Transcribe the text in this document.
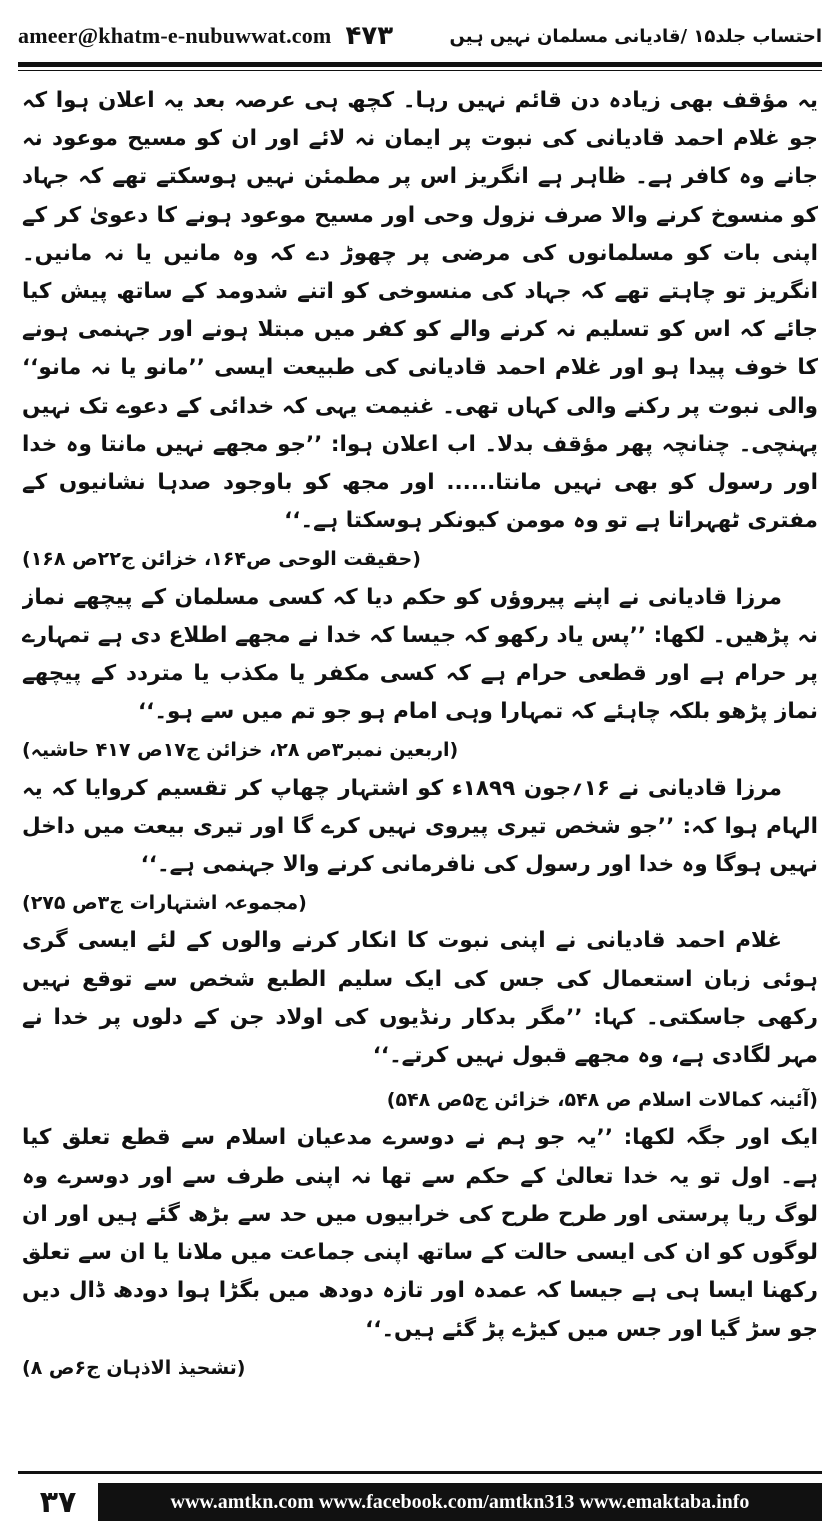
ameer@khatm-e-nubuwwat.com ۴۷۳	احتساب جلد۱۵ /قادیانی مسلمان نہیں ہیں

یہ مؤقف بھی زیادہ دن قائم نہیں رہا۔ کچھ ہی عرصہ بعد یہ اعلان ہوا کہ جو غلام احمد قادیانی کی نبوت پر ایمان نہ لائے اور ان کو مسیح موعود نہ جانے وہ کافر ہے۔ ظاہر ہے انگریز اس پر مطمئن نہیں ہوسکتے تھے کہ جہاد کو منسوخ کرنے والا صرف نزول وحی اور مسیح موعود ہونے کا دعویٰ کر کے اپنی بات کو مسلمانوں کی مرضی پر چھوڑ دے کہ وہ مانیں یا نہ مانیں۔ انگریز تو چاہتے تھے کہ جہاد کی منسوخی کو اتنے شدومد کے ساتھ پیش کیا جائے کہ اس کو تسلیم نہ کرنے والے کو کفر میں مبتلا ہونے اور جہنمی ہونے کا خوف پیدا ہو اور غلام احمد قادیانی کی طبیعت ایسی ’’مانو یا نہ مانو‘‘ والی نبوت پر رکنے والی کہاں تھی۔ غنیمت یہی کہ خدائی کے دعوے تک نہیں پہنچی۔ چنانچہ پھر مؤقف بدلا۔ اب اعلان ہوا: ’’جو مجھے نہیں مانتا وہ خدا اور رسول کو بھی نہیں مانتا...... اور مجھ کو باوجود صدہا نشانیوں کے مفتری ٹھہراتا ہے تو وہ مومن کیونکر ہوسکتا ہے۔‘‘

(حقیقت الوحی ص۱۶۴، خزائن ج۲۲ص ۱۶۸)

مرزا قادیانی نے اپنے پیروؤں کو حکم دیا کہ کسی مسلمان کے پیچھے نماز نہ پڑھیں۔ لکھا: ’’پس یاد رکھو کہ جیسا کہ خدا نے مجھے اطلاع دی ہے تمہارے پر حرام ہے اور قطعی حرام ہے کہ کسی مکفر یا مکذب یا متردد کے پیچھے نماز پڑھو بلکہ چاہئے کہ تمہارا وہی امام ہو جو تم میں سے ہو۔‘‘

(اربعین نمبر۳ص ۲۸، خزائن ج۱۷ص ۴۱۷ حاشیہ)

مرزا قادیانی نے ۱۶؍جون ۱۸۹۹ء کو اشتہار چھاپ کر تقسیم کروایا کہ یہ الہام ہوا کہ: ’’جو شخص تیری پیروی نہیں کرے گا اور تیری بیعت میں داخل نہیں ہوگا وہ خدا اور رسول کی نافرمانی کرنے والا جہنمی ہے۔‘‘

(مجموعہ اشتہارات ج۳ص ۲۷۵)

غلام احمد قادیانی نے اپنی نبوت کا انکار کرنے والوں کے لئے ایسی گری ہوئی زبان استعمال کی جس کی ایک سلیم الطبع شخص سے توقع نہیں رکھی جاسکتی۔ کہا: ’’مگر بدکار رنڈیوں کی اولاد جن کے دلوں پر خدا نے مہر لگادی ہے، وہ مجھے قبول نہیں کرتے۔‘‘

(آئینہ کمالات اسلام ص ۵۴۸، خزائن ج۵ص ۵۴۸)

ایک اور جگہ لکھا: ’’یہ جو ہم نے دوسرے مدعیان اسلام سے قطع تعلق کیا ہے۔ اول تو یہ خدا تعالیٰ کے حکم سے تھا نہ اپنی طرف سے اور دوسرے وہ لوگ ریا پرستی اور طرح طرح کی خرابیوں میں حد سے بڑھ گئے ہیں اور ان لوگوں کو ان کی ایسی حالت کے ساتھ اپنی جماعت میں ملانا یا ان سے تعلق رکھنا ایسا ہی ہے جیسا کہ عمدہ اور تازہ دودھ میں بگڑا ہوا دودھ ڈال دیں جو سڑ گیا اور جس میں کیڑے پڑ گئے ہیں۔‘‘

(تشحیذ الاذہان ج۶ص ۸)

۳۷	www.amtkn.com www.facebook.com/amtkn313 www.emaktaba.info
